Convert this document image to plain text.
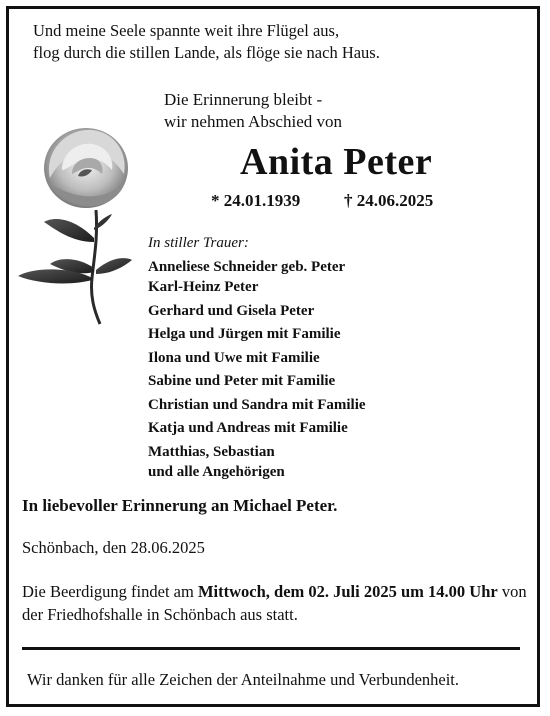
Und meine Seele spannte weit ihre Flügel aus,
flog durch die stillen Lande, als flöge sie nach Haus.
Die Erinnerung bleibt -
wir nehmen Abschied von
Anita Peter
* 24.01.1939	† 24.06.2025
In stiller Trauer:
Anneliese Schneider geb. Peter
Karl-Heinz Peter
Gerhard und Gisela Peter
Helga und Jürgen mit Familie
Ilona und Uwe mit Familie
Sabine und Peter mit Familie
Christian und Sandra mit Familie
Katja und Andreas mit Familie
Matthias, Sebastian
und alle Angehörigen
In liebevoller Erinnerung an Michael Peter.
Schönbach, den 28.06.2025
Die Beerdigung findet am Mittwoch, dem 02. Juli 2025 um 14.00 Uhr von der Friedhofshalle in Schönbach aus statt.
Wir danken für alle Zeichen der Anteilnahme und Verbundenheit.
